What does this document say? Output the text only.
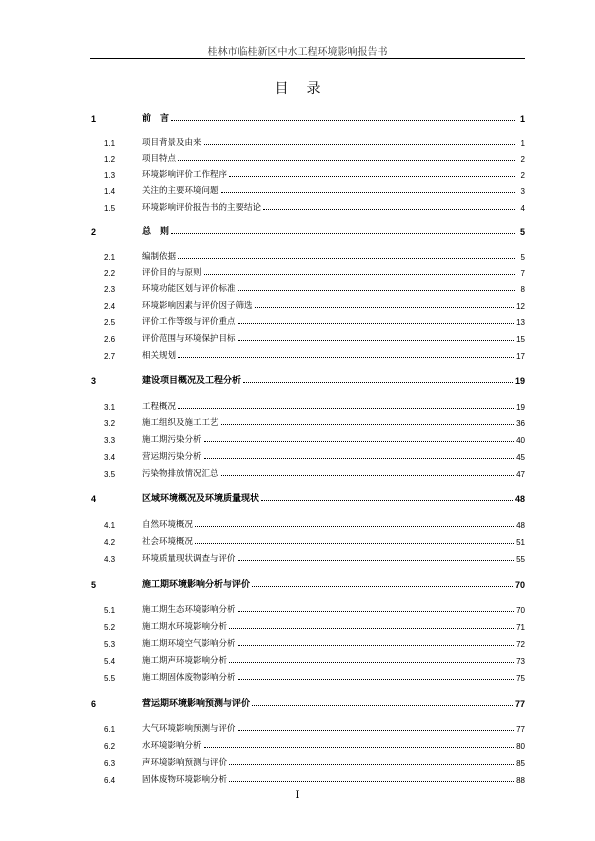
桂林市临桂新区中水工程环境影响报告书
目录
1	前　言	1
1.1	项目背景及由来	1
1.2	项目特点	2
1.3	环境影响评价工作程序	2
1.4	关注的主要环境问题	3
1.5	环境影响评价报告书的主要结论	4
2	总　则	5
2.1	编制依据	5
2.2	评价目的与原则	7
2.3	环境功能区划与评价标准	8
2.4	环境影响因素与评价因子筛选	12
2.5	评价工作等级与评价重点	13
2.6	评价范围与环境保护目标	15
2.7	相关规划	17
3	建设项目概况及工程分析	19
3.1	工程概况	19
3.2	施工组织及施工工艺	36
3.3	施工期污染分析	40
3.4	营运期污染分析	45
3.5	污染物排放情况汇总	47
4	区域环境概况及环境质量现状	48
4.1	自然环境概况	48
4.2	社会环境概况	51
4.3	环境质量现状调查与评价	55
5	施工期环境影响分析与评价	70
5.1	施工期生态环境影响分析	70
5.2	施工期水环境影响分析	71
5.3	施工期环境空气影响分析	72
5.4	施工期声环境影响分析	73
5.5	施工期固体废物影响分析	75
6	营运期环境影响预测与评价	77
6.1	大气环境影响预测与评价	77
6.2	水环境影响分析	80
6.3	声环境影响预测与评价	85
6.4	固体废物环境影响分析	88
I
